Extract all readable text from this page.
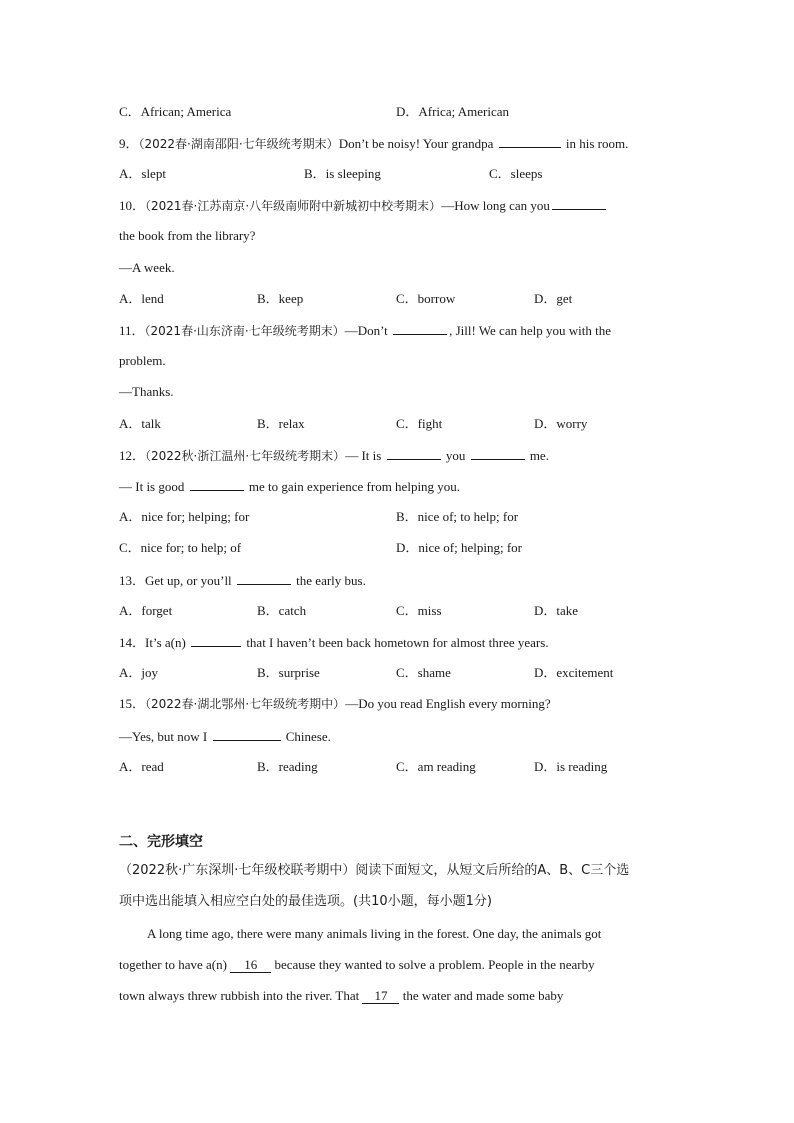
C．African; America	D．Africa; American
9．（2022春·湖南邵阳·七年级统考期末）Don’t be noisy! Your grandpa	in his room.
A．slept	B．is sleeping	C．sleeps
10．（2021春·江苏南京·八年级南师附中新城初中校考期末）—How long can you
the book from the library?
—A week.
A．lend	B．keep	C．borrow	D．get
11．（2021春·山东济南·七年级统考期末）—Don’t	, Jill! We can help you with the
problem.
—Thanks.
A．talk	B．relax	C．fight	D．worry
12．（2022秋·浙江温州·七年级统考期末）— It is	you	me.
— It is good	me to gain experience from helping you.
A．nice for; helping; for	B．nice of; to help; for
C．nice for; to help; of	D．nice of; helping; for
13．Get up, or you’ll	the early bus.
A．forget	B．catch	C．miss	D．take
14．It’s a(n)	that I haven’t been back hometown for almost three years.
A．joy	B．surprise	C．shame	D．excitement
15．（2022春·湖北鄂州·七年级统考期中）—Do you read English every morning?
—Yes, but now I	Chinese.
A．read	B．reading	C．am reading	D．is reading
二、完形填空
（2022秋·广东深圳·七年级校联考期中）阅读下面短文，从短文后所给的A、B、C三个选
项中选出能填入相应空白处的最佳选项。(共10小题，每小题1分)
A long time ago, there were many animals living in the forest. One day, the animals got
together to have a(n) 16 because they wanted to solve a problem. People in the nearby
town always threw rubbish into the river. That 17 the water and made some baby
